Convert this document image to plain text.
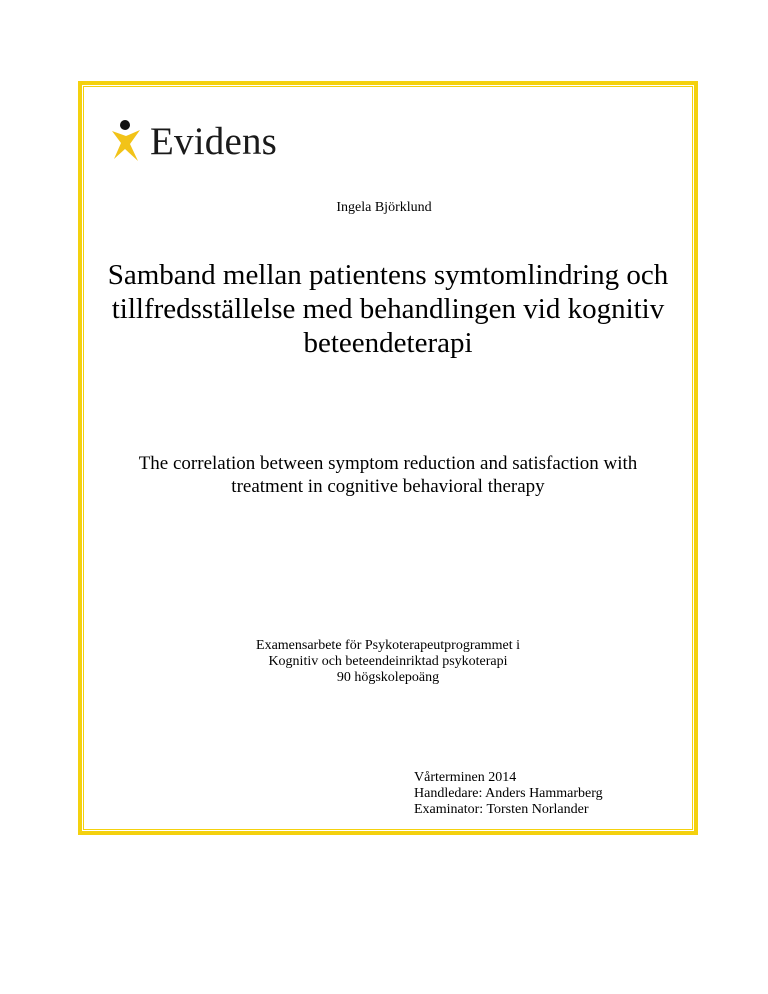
Evidens
Ingela Björklund
Samband mellan patientens symtomlindring och
tillfredsställelse med behandlingen vid kognitiv
beteendeterapi
The correlation between symptom reduction and satisfaction with
treatment in cognitive behavioral therapy
Examensarbete för Psykoterapeutprogrammet i
Kognitiv och beteendeinriktad psykoterapi
90 högskolepoäng
Vårterminen 2014
Handledare: Anders Hammarberg
Examinator: Torsten Norlander
